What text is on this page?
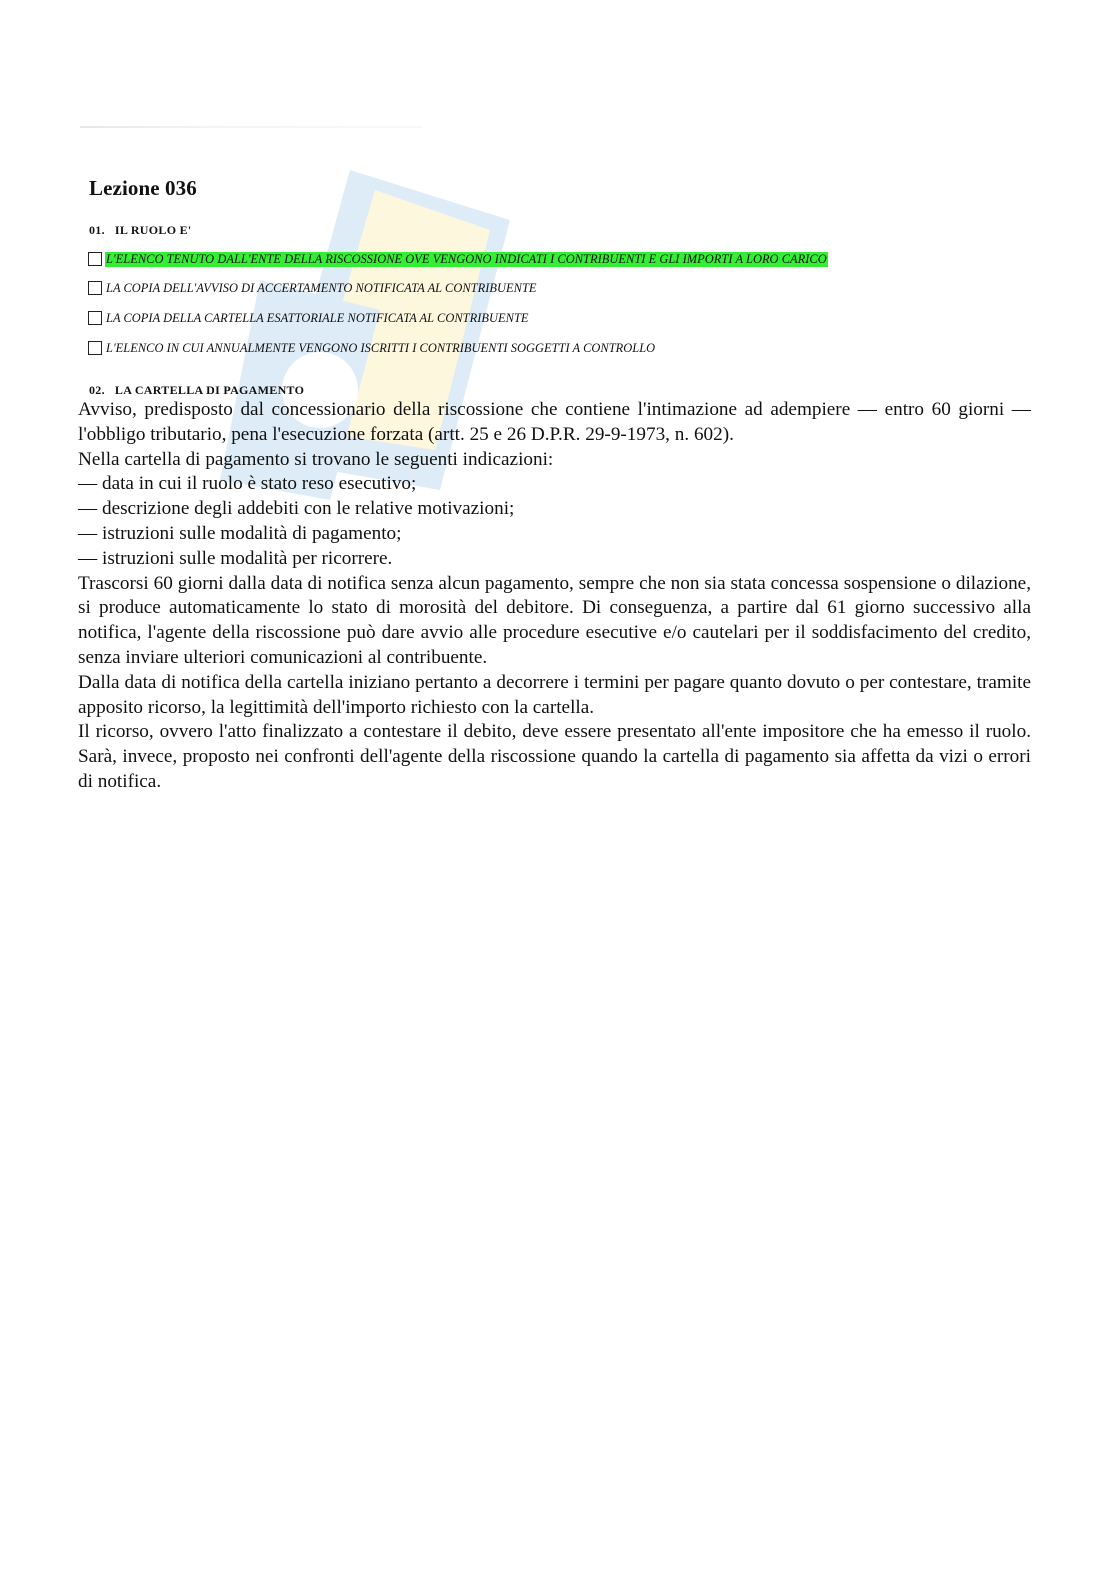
Lezione 036
01. IL RUOLO E'
L'ELENCO TENUTO DALL'ENTE DELLA RISCOSSIONE OVE VENGONO INDICATI I CONTRIBUENTI E GLI IMPORTI A LORO CARICO
LA COPIA DELL'AVVISO DI ACCERTAMENTO NOTIFICATA AL CONTRIBUENTE
LA COPIA DELLA CARTELLA ESATTORIALE NOTIFICATA AL CONTRIBUENTE
L'ELENCO IN CUI ANNUALMENTE VENGONO ISCRITTI I CONTRIBUENTI SOGGETTI A CONTROLLO
02. LA CARTELLA DI PAGAMENTO

Avviso, predisposto dal concessionario della riscossione che contiene l'intimazione ad adempiere — entro 60 giorni — l'obbligo tributario, pena l'esecuzione forzata (artt. 25 e 26 D.P.R. 29-9-1973, n. 602).

Nella cartella di pagamento si trovano le seguenti indicazioni:

— data in cui il ruolo è stato reso esecutivo;

— descrizione degli addebiti con le relative motivazioni;

— istruzioni sulle modalità di pagamento;

— istruzioni sulle modalità per ricorrere.

Trascorsi 60 giorni dalla data di notifica senza alcun pagamento, sempre che non sia stata concessa sospensione o dilazione, si produce automaticamente lo stato di morosità del debitore. Di conseguenza, a partire dal 61 giorno successivo alla notifica, l'agente della riscossione può dare avvio alle procedure esecutive e/o cautelari per il soddisfacimento del credito, senza inviare ulteriori comunicazioni al contribuente.

Dalla data di notifica della cartella iniziano pertanto a decorrere i termini per pagare quanto dovuto o per contestare, tramite apposito ricorso, la legittimità dell'importo richiesto con la cartella.

Il ricorso, ovvero l'atto finalizzato a contestare il debito, deve essere presentato all'ente impositore che ha emesso il ruolo. Sarà, invece, proposto nei confronti dell'agente della riscossione quando la cartella di pagamento sia affetta da vizi o errori di notifica.
